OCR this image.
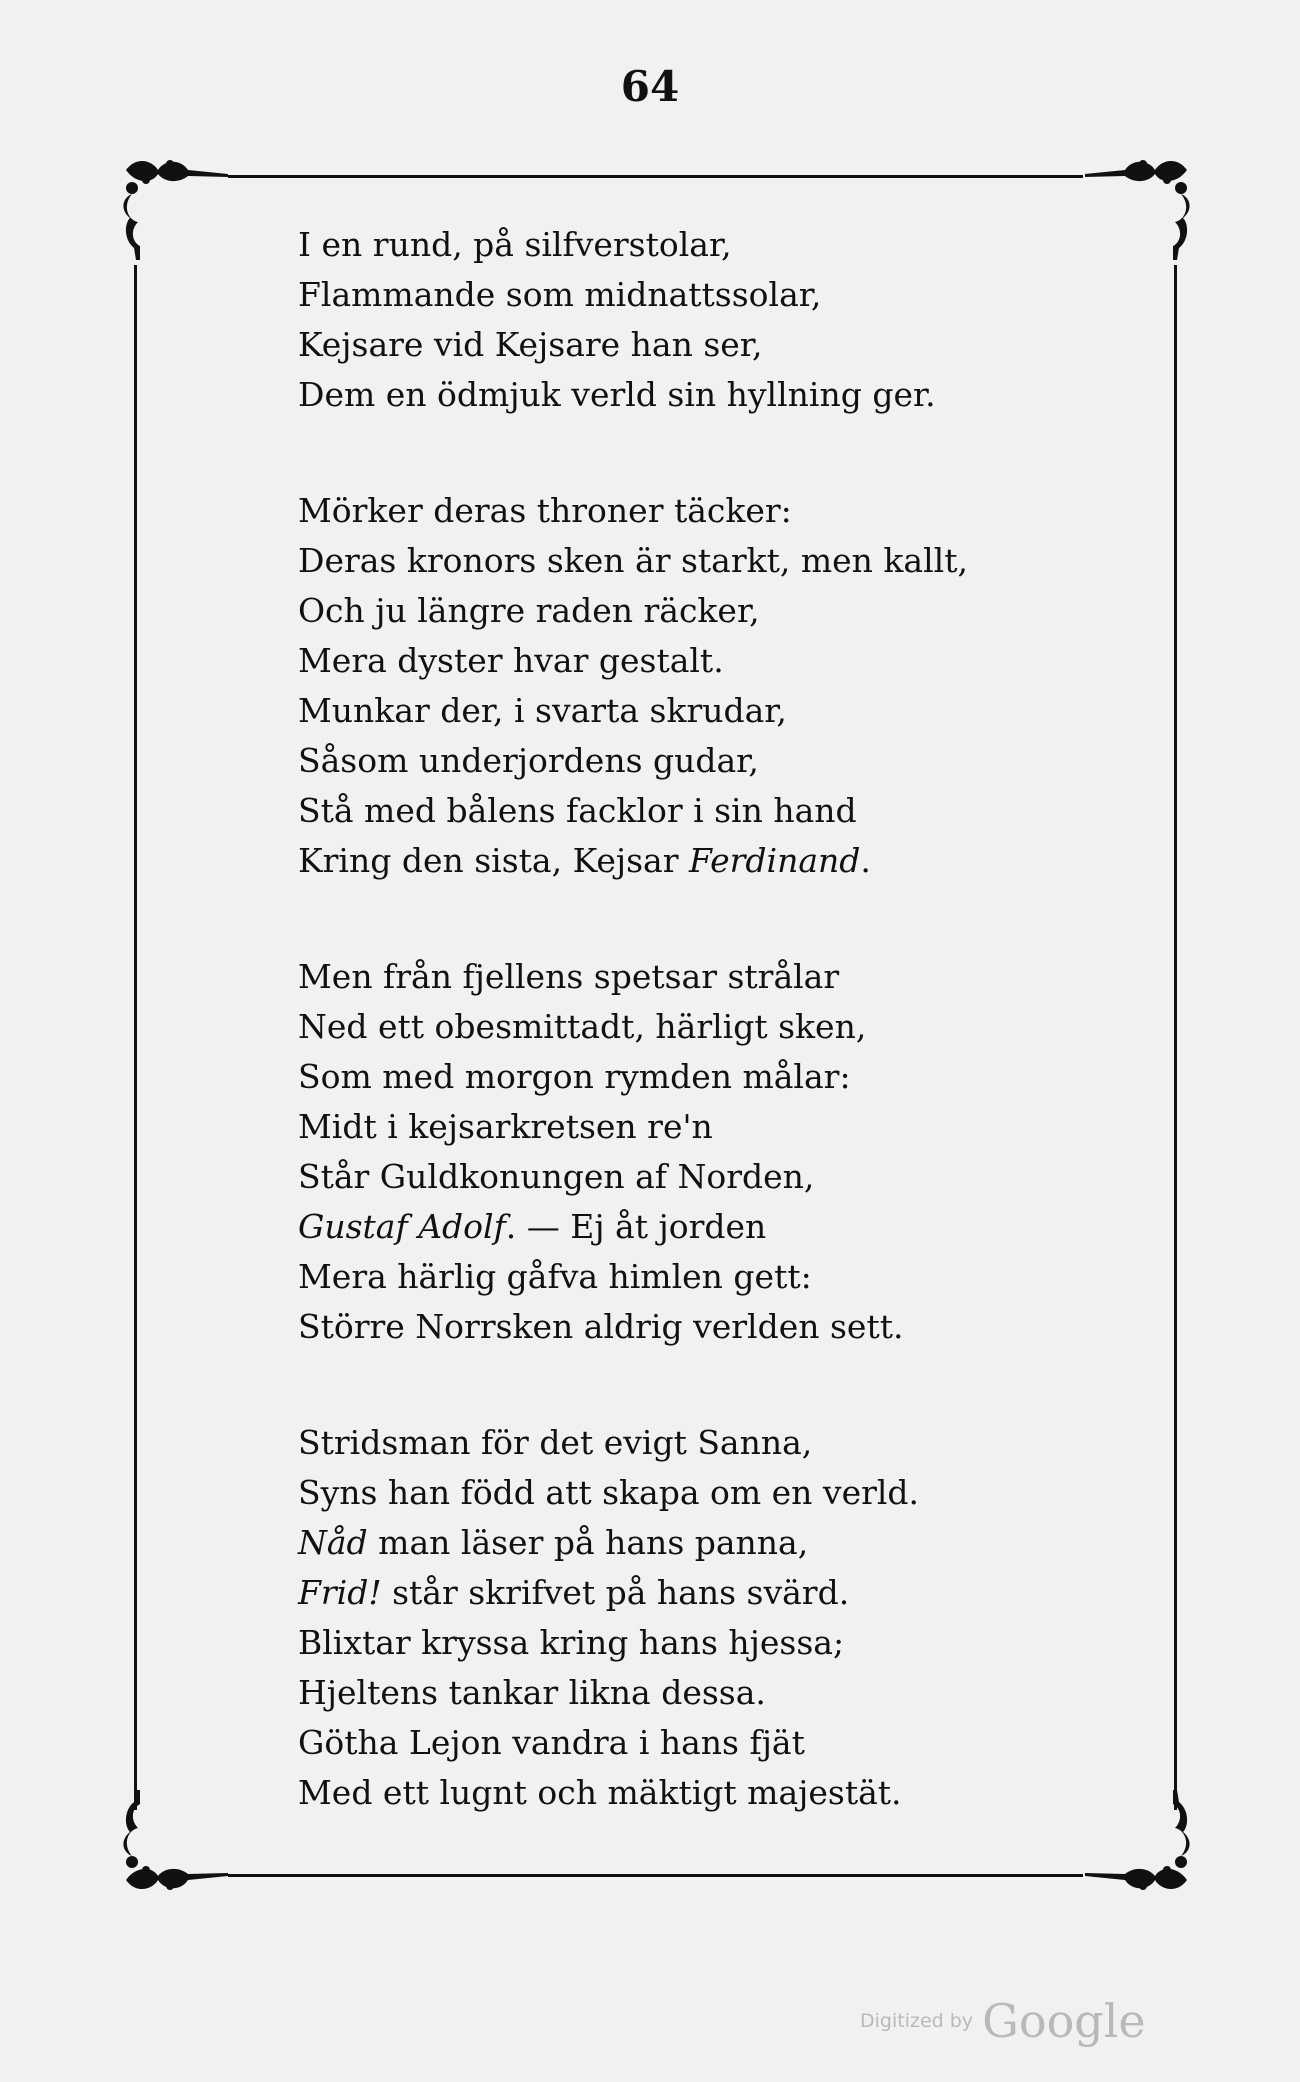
64
I en rund, på silfverstolar,
Flammande som midnattssolar,
Kejsare vid Kejsare han ser,
Dem en ödmjuk verld sin hyllning ger.
Mörker deras throner täcker:
Deras kronors sken är starkt, men kallt,
Och ju längre raden räcker,
Mera dyster hvar gestalt.
Munkar der, i svarta skrudar,
Såsom underjordens gudar,
Stå med bålens facklor i sin hand
Kring den sista, Kejsar Ferdinand.
Men från fjellens spetsar strålar
Ned ett obesmittadt, härligt sken,
Som med morgon rymden målar:
Midt i kejsarkretsen re'n
Står Guldkonungen af Norden,
Gustaf Adolf. — Ej åt jorden
Mera härlig gåfva himlen gett:
Större Norrsken aldrig verlden sett.
Stridsman för det evigt Sanna,
Syns han född att skapa om en verld.
Nåd man läser på hans panna,
Frid! står skrifvet på hans svärd.
Blixtar kryssa kring hans hjessa;
Hjeltens tankar likna dessa.
Götha Lejon vandra i hans fjät
Med ett lugnt och mäktigt majestät.
Digitized by Google
